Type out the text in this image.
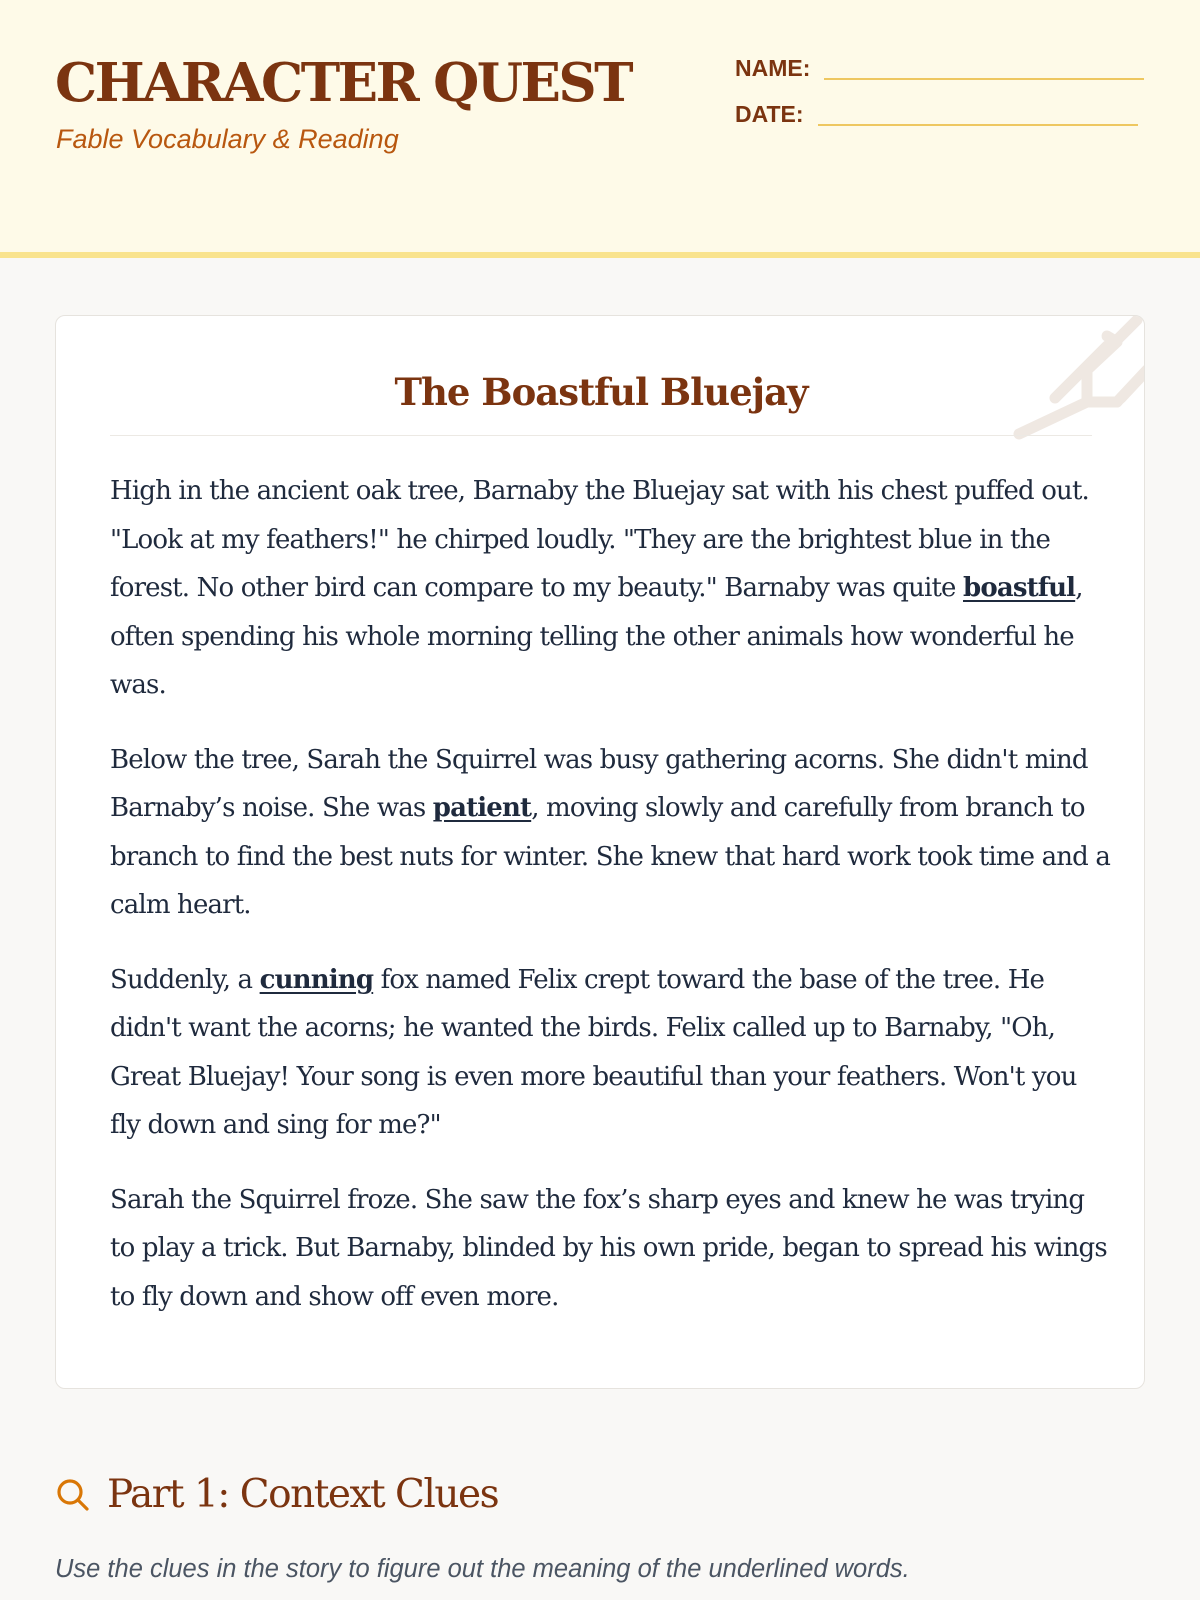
CHARACTER QUEST
Fable Vocabulary & Reading
NAME:
DATE:
The Boastful Bluejay

High in the ancient oak tree, Barnaby the Bluejay sat with his chest puffed out. "Look at my feathers!" he chirped loudly. "They are the brightest blue in the forest. No other bird can compare to my beauty." Barnaby was quite boastful, often spending his whole morning telling the other animals how wonderful he was.

Below the tree, Sarah the Squirrel was busy gathering acorns. She didn't mind Barnaby’s noise. She was patient, moving slowly and carefully from branch to branch to find the best nuts for winter. She knew that hard work took time and a calm heart.

Suddenly, a cunning fox named Felix crept toward the base of the tree. He didn't want the acorns; he wanted the birds. Felix called up to Barnaby, "Oh, Great Bluejay! Your song is even more beautiful than your feathers. Won't you fly down and sing for me?"

Sarah the Squirrel froze. She saw the fox’s sharp eyes and knew he was trying to play a trick. But Barnaby, blinded by his own pride, began to spread his wings to fly down and show off even more.

Part 1: Context Clues

Use the clues in the story to figure out the meaning of the underlined words.
